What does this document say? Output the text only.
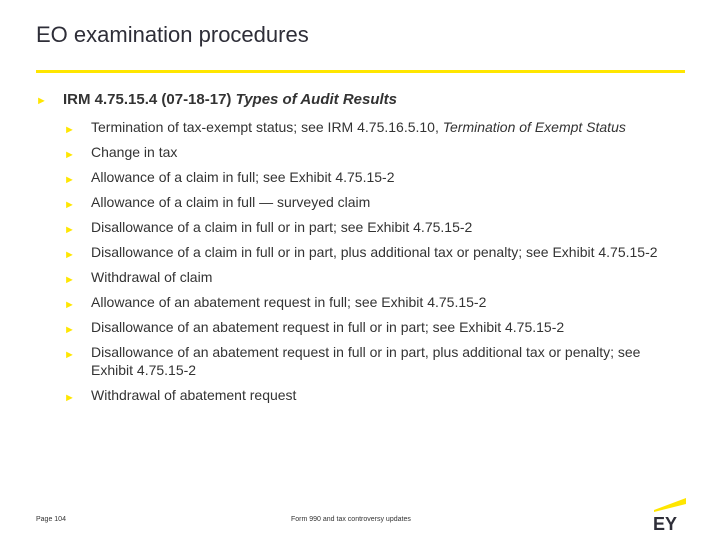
EO examination procedures
► IRM 4.75.15.4 (07-18-17) Types of Audit Results
► Termination of tax-exempt status; see IRM 4.75.16.5.10, Termination of Exempt Status
► Change in tax
► Allowance of a claim in full; see Exhibit 4.75.15-2
► Allowance of a claim in full — surveyed claim
► Disallowance of a claim in full or in part; see Exhibit 4.75.15-2
► Disallowance of a claim in full or in part, plus additional tax or penalty; see Exhibit 4.75.15-2
► Withdrawal of claim
► Allowance of an abatement request in full; see Exhibit 4.75.15-2
► Disallowance of an abatement request in full or in part; see Exhibit 4.75.15-2
► Disallowance of an abatement request in full or in part, plus additional tax or penalty; see Exhibit 4.75.15-2
► Withdrawal of abatement request
Page 104	Form 990 and tax controversy updates	EY
